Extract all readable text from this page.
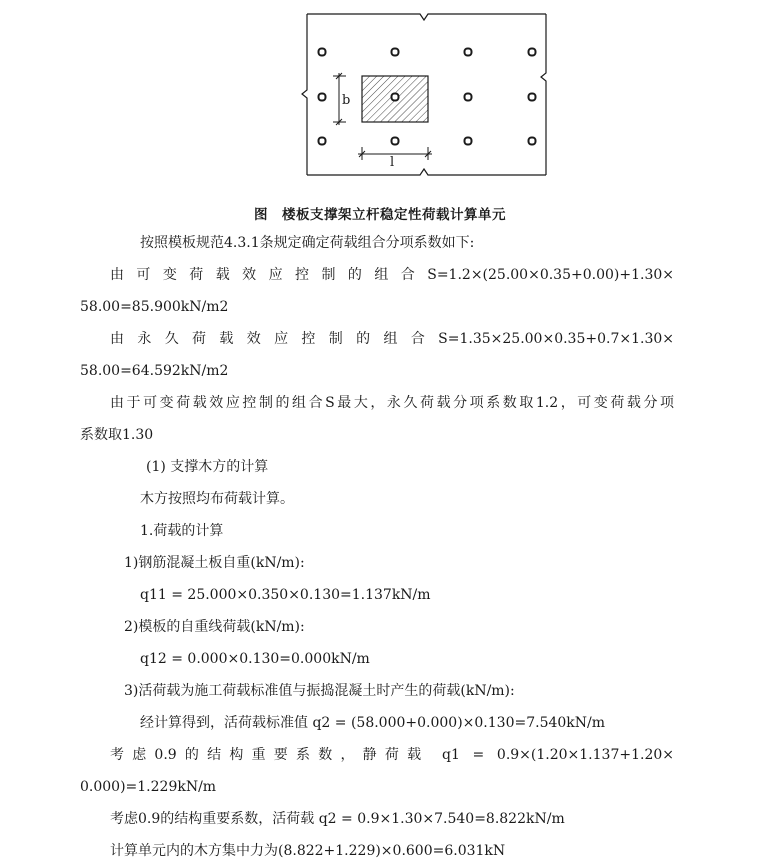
b
l
图　楼板支撑架立杆稳定性荷载计算单元
按照模板规范4.3.1条规定确定荷载组合分项系数如下:
由可变荷载效应控制的组合S=1.2×(25.00×0.35+0.00)+1.30×
58.00=85.900kN/m2
由永久荷载效应控制的组合S=1.35×25.00×0.35+0.7×1.30×
58.00=64.592kN/m2
由于可变荷载效应控制的组合S最大，永久荷载分项系数取1.2，可变荷载分项
系数取1.30
(1) 支撑木方的计算
木方按照均布荷载计算。
1.荷载的计算
1)钢筋混凝土板自重(kN/m):
q11 = 25.000×0.350×0.130=1.137kN/m
2)模板的自重线荷载(kN/m):
q12 = 0.000×0.130=0.000kN/m
3)活荷载为施工荷载标准值与振捣混凝土时产生的荷载(kN/m):
经计算得到，活荷载标准值 q2 = (58.000+0.000)×0.130=7.540kN/m
考虑0.9的结构重要系数，静荷载 q1 = 0.9×(1.20×1.137+1.20×
0.000)=1.229kN/m
考虑0.9的结构重要系数，活荷载 q2 = 0.9×1.30×7.540=8.822kN/m
计算单元内的木方集中力为(8.822+1.229)×0.600=6.031kN
